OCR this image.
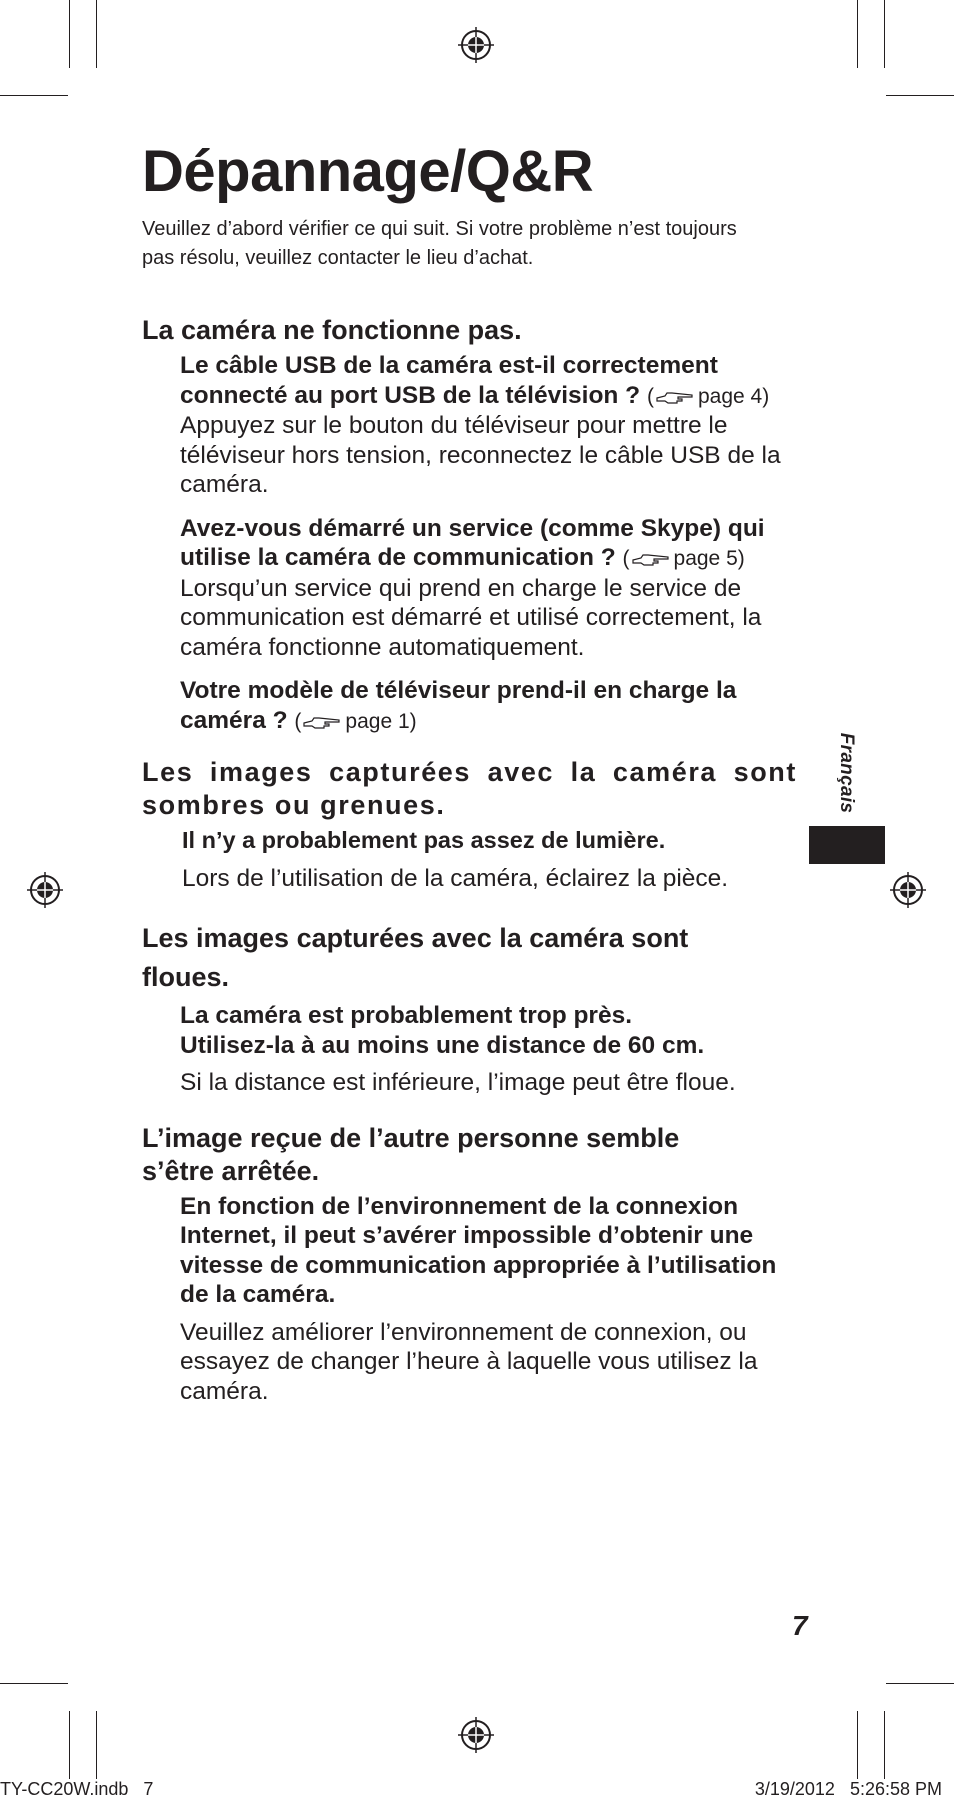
Dépannage/Q&R

Veuillez d’abord vérifier ce qui suit. Si votre problème n’est toujours pas résolu, veuillez contacter le lieu d’achat.

La caméra ne fonctionne pas.
Le câble USB de la caméra est-il correctement connecté au port USB de la télévision ? ( page 4)
Appuyez sur le bouton du téléviseur pour mettre le téléviseur hors tension, reconnectez le câble USB de la caméra.
Avez-vous démarré un service (comme Skype) qui utilise la caméra de communication ? ( page 5)
Lorsqu’un service qui prend en charge le service de communication est démarré et utilisé correctement, la caméra fonctionne automatiquement.
Votre modèle de téléviseur prend-il en charge la caméra ? ( page 1)
Les images capturées avec la caméra sont sombres ou grenues.
Il n’y a probablement pas assez de lumière.
Lors de l’utilisation de la caméra, éclairez la pièce.
Les images capturées avec la caméra sont floues.
La caméra est probablement trop près.
Utilisez-la à au moins une distance de 60 cm.
Si la distance est inférieure, l’image peut être floue.
L’image reçue de l’autre personne semble s’être arrêtée.
En fonction de l’environnement de la connexion Internet, il peut s’avérer impossible d’obtenir une vitesse de communication appropriée à l’utilisation de la caméra.
Veuillez améliorer l’environnement de connexion, ou essayez de changer l’heure à laquelle vous utilisez la caméra.
Français
7
TY-CC20W.indb   7	3/19/2012   5:26:58 PM
